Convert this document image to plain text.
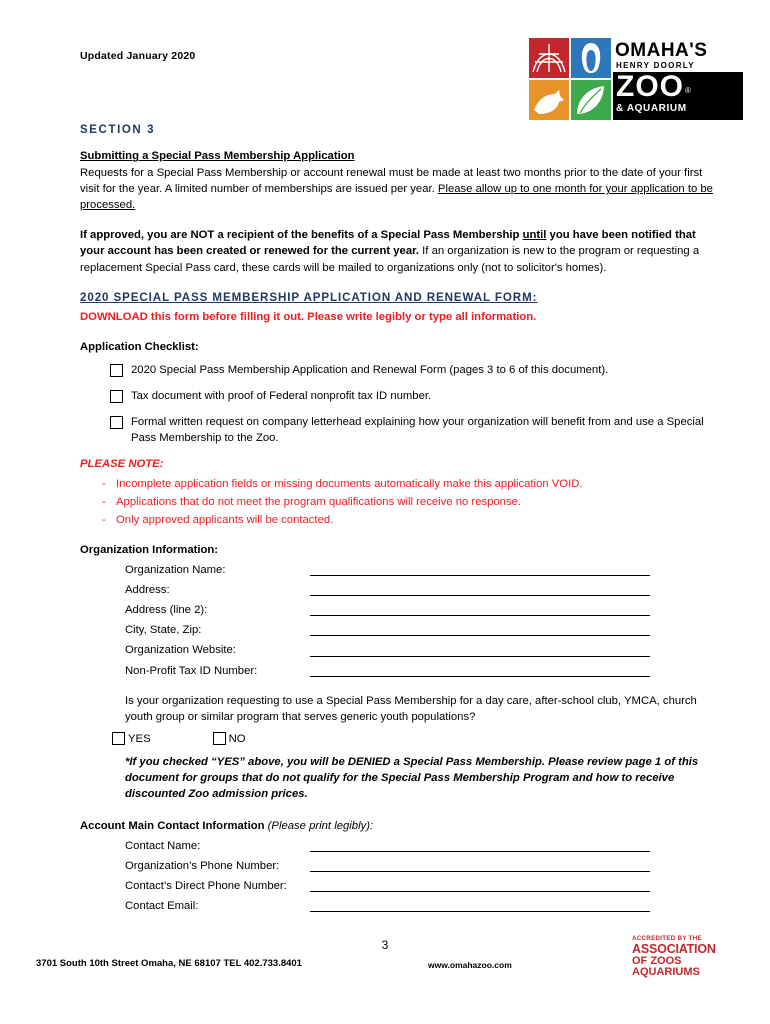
Updated January 2020	OMAHA'S
HENRY DOORLY
ZOO ®
& AQUARIUM
SECTION 3
Submitting a Special Pass Membership Application
Requests for a Special Pass Membership or account renewal must be made at least two months prior to the date of your first visit for the year. A limited number of memberships are issued per year. Please allow up to one month for your application to be processed.
If approved, you are NOT a recipient of the benefits of a Special Pass Membership until you have been notified that your account has been created or renewed for the current year. If an organization is new to the program or requesting a replacement Special Pass card, these cards will be mailed to organizations only (not to solicitor's homes).
2020 SPECIAL PASS MEMBERSHIP APPLICATION AND RENEWAL FORM:
DOWNLOAD this form before filling it out. Please write legibly or type all information.
Application Checklist:
2020 Special Pass Membership Application and Renewal Form (pages 3 to 6 of this document).
Tax document with proof of Federal nonprofit tax ID number.
Formal written request on company letterhead explaining how your organization will benefit from and use a Special Pass Membership to the Zoo.
PLEASE NOTE:
- Incomplete application fields or missing documents automatically make this application VOID.
- Applications that do not meet the program qualifications will receive no response.
- Only approved applicants will be contacted.
Organization Information:
Organization Name:
Address:
Address (line 2):
City, State, Zip:
Organization Website:
Non-Profit Tax ID Number:
Is your organization requesting to use a Special Pass Membership for a day care, after-school club, YMCA, church youth group or similar program that serves generic youth populations?
YES	NO
*If you checked “YES” above, you will be DENIED a Special Pass Membership. Please review page 1 of this document for groups that do not qualify for the Special Pass Membership Program and how to receive discounted Zoo admission prices.
Account Main Contact Information (Please print legibly):
Contact Name:
Organization’s Phone Number:
Contact’s Direct Phone Number:
Contact Email:
3
3701 South 10th Street Omaha, NE 68107 TEL 402.733.8401	www.omahazoo.com
ACCREDITED BY THE
ASSOCIATION
OF ZOOS
AQUARIUMS
